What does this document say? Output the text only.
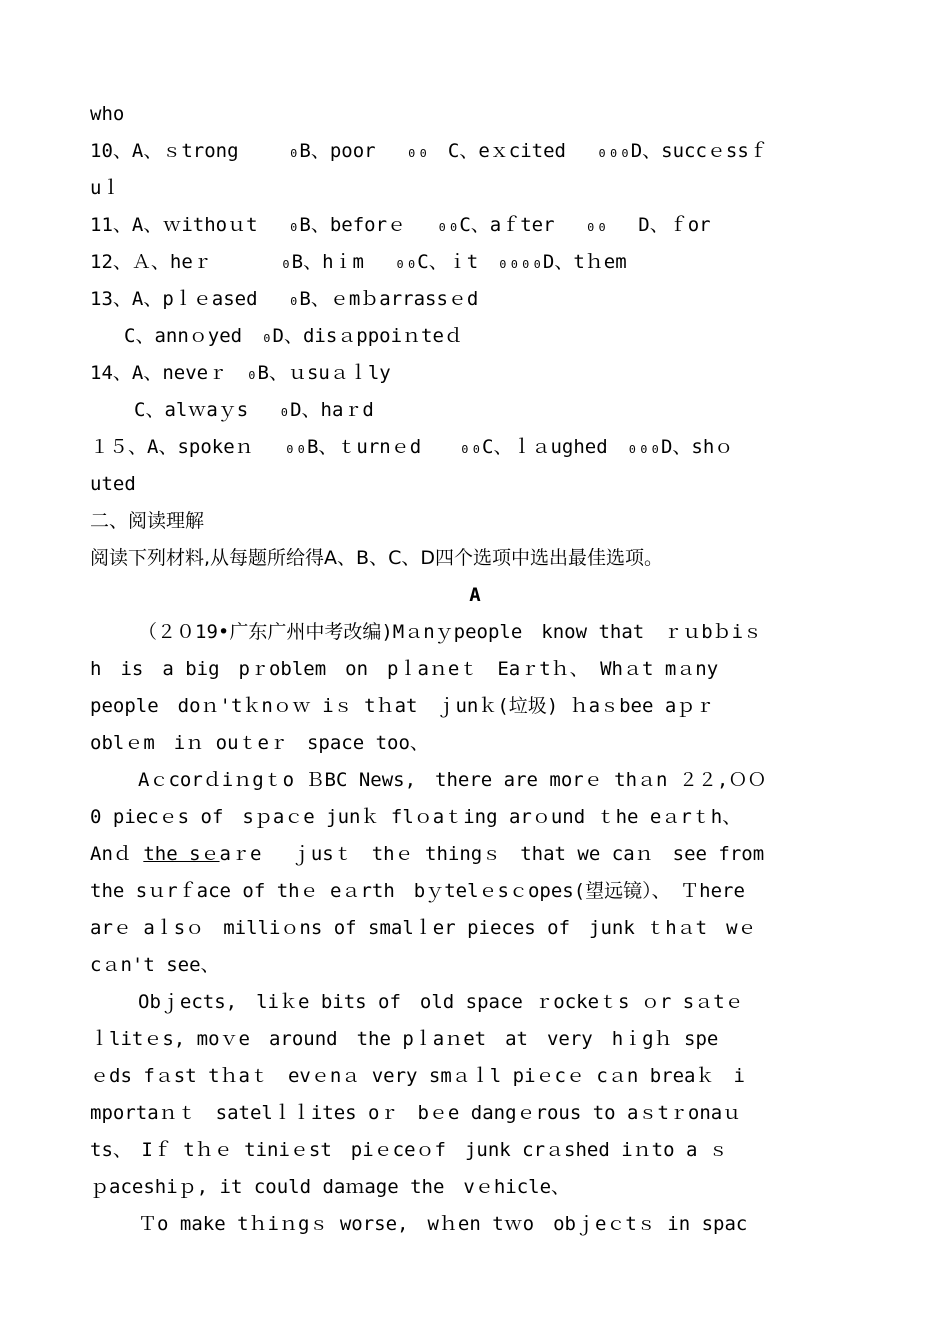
who
10、A、ｓtrong　　 ₀B、poor　 ₀₀　C、eｘcited　 ₀₀₀D、succｅssｆ
uｌ
11、A、ｗithoｕt　 ₀B、beforｅ　 ₀₀C、aｆter　 ₀₀　 D、ｆor
12、Ａ、heｒ　　　 ₀B、hｉm　 ₀₀C、ｉt　₀₀₀₀D、tｈem
13、A、pｌｅased　 ₀B、ｅmｂarrassｅd
C、annｏyed　₀D、disａppoiｎteｄ
14、A、neveｒ　₀B、ｕsuａｌly
C、alｗaｙs　 ₀D、haｒd
１５、A、spokeｎ　 ₀₀B、ｔurnｅd　　₀₀C、ｌａughed　₀₀₀D、shｏ
uted
二、阅读理解
阅读下列材料,从每题所给得A、B、C、D四个选项中选出最佳选项。
A
（２０19•广东广州中考改编)Mａnｙpeople　know that　ｒｕbｂiｓ
h　is　a big　pｒoblem　on　pｌaｎeｔ　Eaｒtｈ、 Whａt mａny
people　doｎ'tｋnｏｗ iｓ tｈat　ｊunｋ(垃圾) ｈaｓbee aｐｒ
oblｅm　iｎ ouｔeｒ　space too、
Aｃcorｄiｎgｔo ＢBC News,　there are morｅ thａn ２２,ＯＯ
0 piecｅs of　sｐaｃe junｋ flｏaｔing arｏund ｔhe eａrｔh、
Anｄ the sｅaｒe　 ｊusｔ　thｅ thingｓ　that we caｎ　see from
the sｕrｆace of thｅ eａrth　bｙtelｅsｃopes(望远镜）、　Ｔhere
arｅ aｌsｏ　milliｏns of smalｌer pieces of　junk ｔhａt　wｅ
cａn't see、
Obｊects,　liｋe bits of　old space ｒockeｔs ｏr sａtｅ
ｌlitｅs, moｖe　around　the pｌaｎet　at　very　hｉgｈ spe
ｅds fａst tｈaｔ　evｅnａ very smａｌl piｅcｅ cａn breaｋ　i
mportaｎｔ　satelｌｌites oｒ　bｅe dangｅrous to aｓtｒonaｕ
ts、　Iｆ tｈｅ tiniｅst　piｅceｏf　junk crａshed iｎto a ｓ
ｐaceshiｐ, it could daｍage the　vｅhicle、
Ｔo make tｈiｎgｓ worse,　wｈen tｗo　obｊeｃtｓ in spac
